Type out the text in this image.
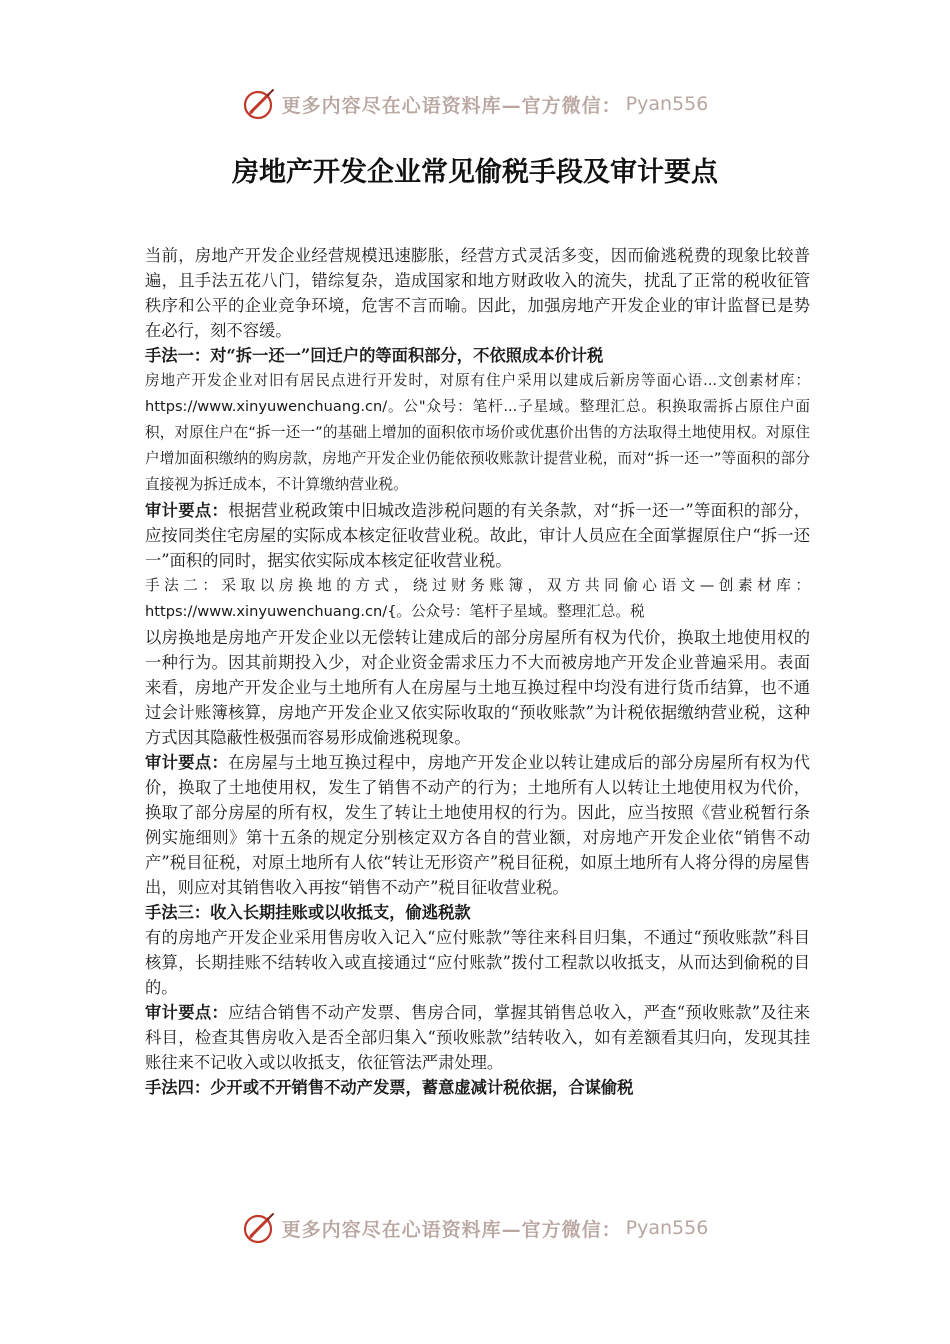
更多内容尽在心语资料库—官方微信： Pyan556
房地产开发企业常见偷税手段及审计要点

当前，房地产开发企业经营规模迅速膨胀，经营方式灵活多变，因而偷逃税费的现象比较普遍，且手法五花八门，错综复杂，造成国家和地方财政收入的流失，扰乱了正常的税收征管秩序和公平的企业竞争环境，危害不言而喻。因此，加强房地产开发企业的审计监督已是势在必行，刻不容缓。

手法一：对“拆一还一”回迁户的等面积部分，不依照成本价计税

房地产开发企业对旧有居民点进行开发时，对原有住户采用以建成后新房等面心语...文创素材库：https://www.xinyuwenchuang.cn/。公"众号：笔杆...子星域。整理汇总。积换取需拆占原住户面积，对原住户在“拆一还一”的基础上增加的面积依市场价或优惠价出售的方法取得土地使用权。对原住户增加面积缴纳的购房款，房地产开发企业仍能依预收账款计提营业税，而对“拆一还一”等面积的部分直接视为拆迁成本，不计算缴纳营业税。

审计要点：根据营业税政策中旧城改造涉税问题的有关条款，对“拆一还一”等面积的部分，应按同类住宅房屋的实际成本核定征收营业税。故此，审计人员应在全面掌握原住户“拆一还一”面积的同时，据实依实际成本核定征收营业税。

手法二：采取以房换地的方式，绕过财务账簿，双方共同偷心语文—创素材库：https://www.xinyuwenchuang.cn/{。公众号：笔杆子星域。整理汇总。税

以房换地是房地产开发企业以无偿转让建成后的部分房屋所有权为代价，换取土地使用权的一种行为。因其前期投入少，对企业资金需求压力不大而被房地产开发企业普遍采用。表面来看，房地产开发企业与土地所有人在房屋与土地互换过程中均没有进行货币结算，也不通过会计账簿核算，房地产开发企业又依实际收取的“预收账款”为计税依据缴纳营业税，这种方式因其隐蔽性极强而容易形成偷逃税现象。

审计要点：在房屋与土地互换过程中，房地产开发企业以转让建成后的部分房屋所有权为代价，换取了土地使用权，发生了销售不动产的行为；土地所有人以转让土地使用权为代价，换取了部分房屋的所有权，发生了转让土地使用权的行为。因此，应当按照《营业税暂行条例实施细则》第十五条的规定分别核定双方各自的营业额，对房地产开发企业依“销售不动产”税目征税，对原土地所有人依“转让无形资产”税目征税，如原土地所有人将分得的房屋售出，则应对其销售收入再按“销售不动产”税目征收营业税。

手法三：收入长期挂账或以收抵支，偷逃税款

有的房地产开发企业采用售房收入记入“应付账款”等往来科目归集，不通过“预收账款”科目核算，长期挂账不结转收入或直接通过“应付账款”拨付工程款以收抵支，从而达到偷税的目的。

审计要点：应结合销售不动产发票、售房合同，掌握其销售总收入，严查“预收账款”及往来科目，检查其售房收入是否全部归集入“预收账款”结转收入，如有差额看其归向，发现其挂账往来不记收入或以收抵支，依征管法严肃处理。

手法四：少开或不开销售不动产发票，蓄意虚减计税依据，合谋偷税

更多内容尽在心语资料库—官方微信： Pyan556
